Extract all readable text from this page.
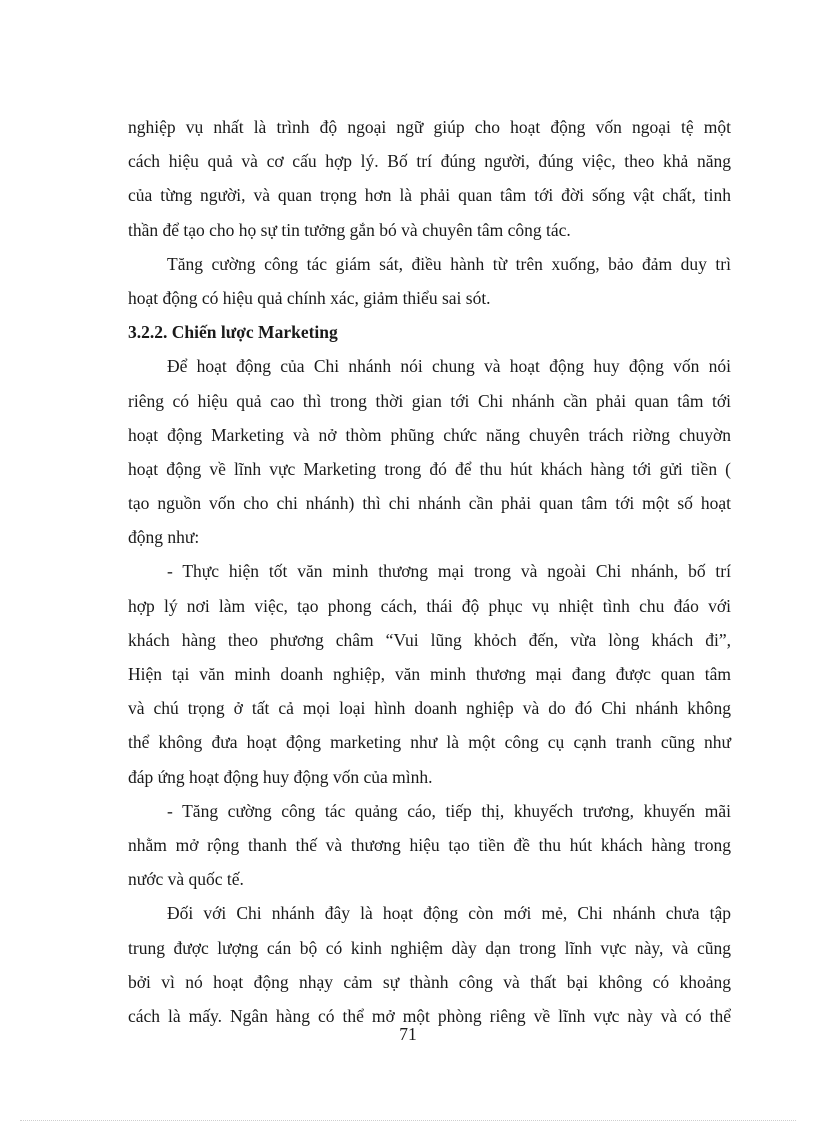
nghiệp vụ nhất là trình độ ngoại ngữ giúp cho hoạt động vốn ngoại tệ một
cách hiệu quả và cơ cấu hợp lý. Bố trí đúng người, đúng việc, theo khả năng
của từng người, và quan trọng hơn là phải quan tâm tới đời sống vật chất, tinh
thần để tạo cho họ sự tin tưởng gắn bó và chuyên tâm công tác.
Tăng cường công tác giám sát, điều hành từ trên xuống, bảo đảm duy trì
hoạt động có hiệu quả chính xác, giảm thiểu sai sót.
3.2.2. Chiến lược Marketing
Để hoạt động của Chi nhánh nói chung và hoạt động huy động vốn nói
riêng có hiệu quả cao thì trong thời gian tới Chi nhánh cần phải quan tâm tới
hoạt động Marketing và nở thòm phũng chức năng chuyên trách riờng chuyờn
hoạt động về lĩnh vực Marketing trong đó để thu hút khách hàng tới gửi tiền (
tạo nguồn vốn cho chi nhánh) thì chi nhánh cần phải quan tâm tới một số hoạt
động như:
- Thực hiện tốt văn minh thương mại trong và ngoài Chi nhánh, bố trí
hợp lý nơi làm việc, tạo phong cách, thái độ phục vụ nhiệt tình chu đáo với
khách hàng theo phương châm “Vui lũng khỏch đến, vừa lòng khách đi”,
Hiện tại văn minh doanh nghiệp, văn minh thương mại đang được quan tâm
và chú trọng ở tất cả mọi loại hình doanh nghiệp và do đó Chi nhánh không
thể không đưa hoạt động marketing như là một công cụ cạnh tranh cũng như
đáp ứng hoạt động huy động vốn của mình.
- Tăng cường công tác quảng cáo, tiếp thị, khuyếch trương, khuyến mãi
nhằm mở rộng thanh thế và thương hiệu tạo tiền đề thu hút khách hàng trong
nước và quốc tế.
Đối với Chi nhánh đây là hoạt động còn mới mẻ, Chi nhánh chưa tập
trung được lượng cán bộ có kinh nghiệm dày dạn trong lĩnh vực này, và cũng
bởi vì nó hoạt động nhạy cảm sự thành công và thất bại không có khoảng
cách là mấy. Ngân hàng có thể mở một phòng riêng về lĩnh vực này và có thể
71
